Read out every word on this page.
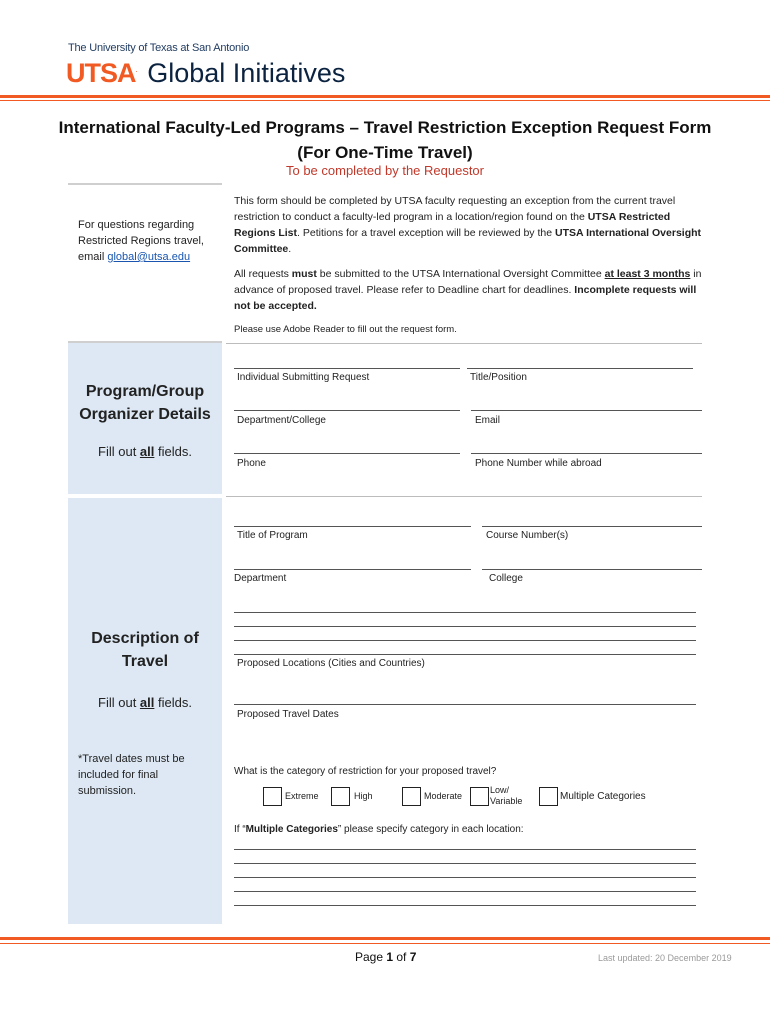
The University of Texas at San Antonio
UTSA. Global Initiatives
International Faculty-Led Programs – Travel Restriction Exception Request Form (For One-Time Travel)
To be completed by the Requestor
For questions regarding Restricted Regions travel, email global@utsa.edu
This form should be completed by UTSA faculty requesting an exception from the current travel restriction to conduct a faculty-led program in a location/region found on the UTSA Restricted Regions List. Petitions for a travel exception will be reviewed by the UTSA International Oversight Committee.
All requests must be submitted to the UTSA International Oversight Committee at least 3 months in advance of proposed travel. Please refer to Deadline chart for deadlines. Incomplete requests will not be accepted.
Please use Adobe Reader to fill out the request form.
Program/Group Organizer Details
Fill out all fields.
Individual Submitting Request	Title/Position
Department/College	Email
Phone	Phone Number while abroad
Description of Travel
Fill out all fields.
*Travel dates must be included for final submission.
Title of Program	Course Number(s)
Department	College
Proposed Locations (Cities and Countries)
Proposed Travel Dates
What is the category of restriction for your proposed travel?
Extreme	High	Moderate
Low/ Variable	Multiple Categories
If “Multiple Categories” please specify category in each location:
Page 1 of 7	Last updated: 20 December 2019
